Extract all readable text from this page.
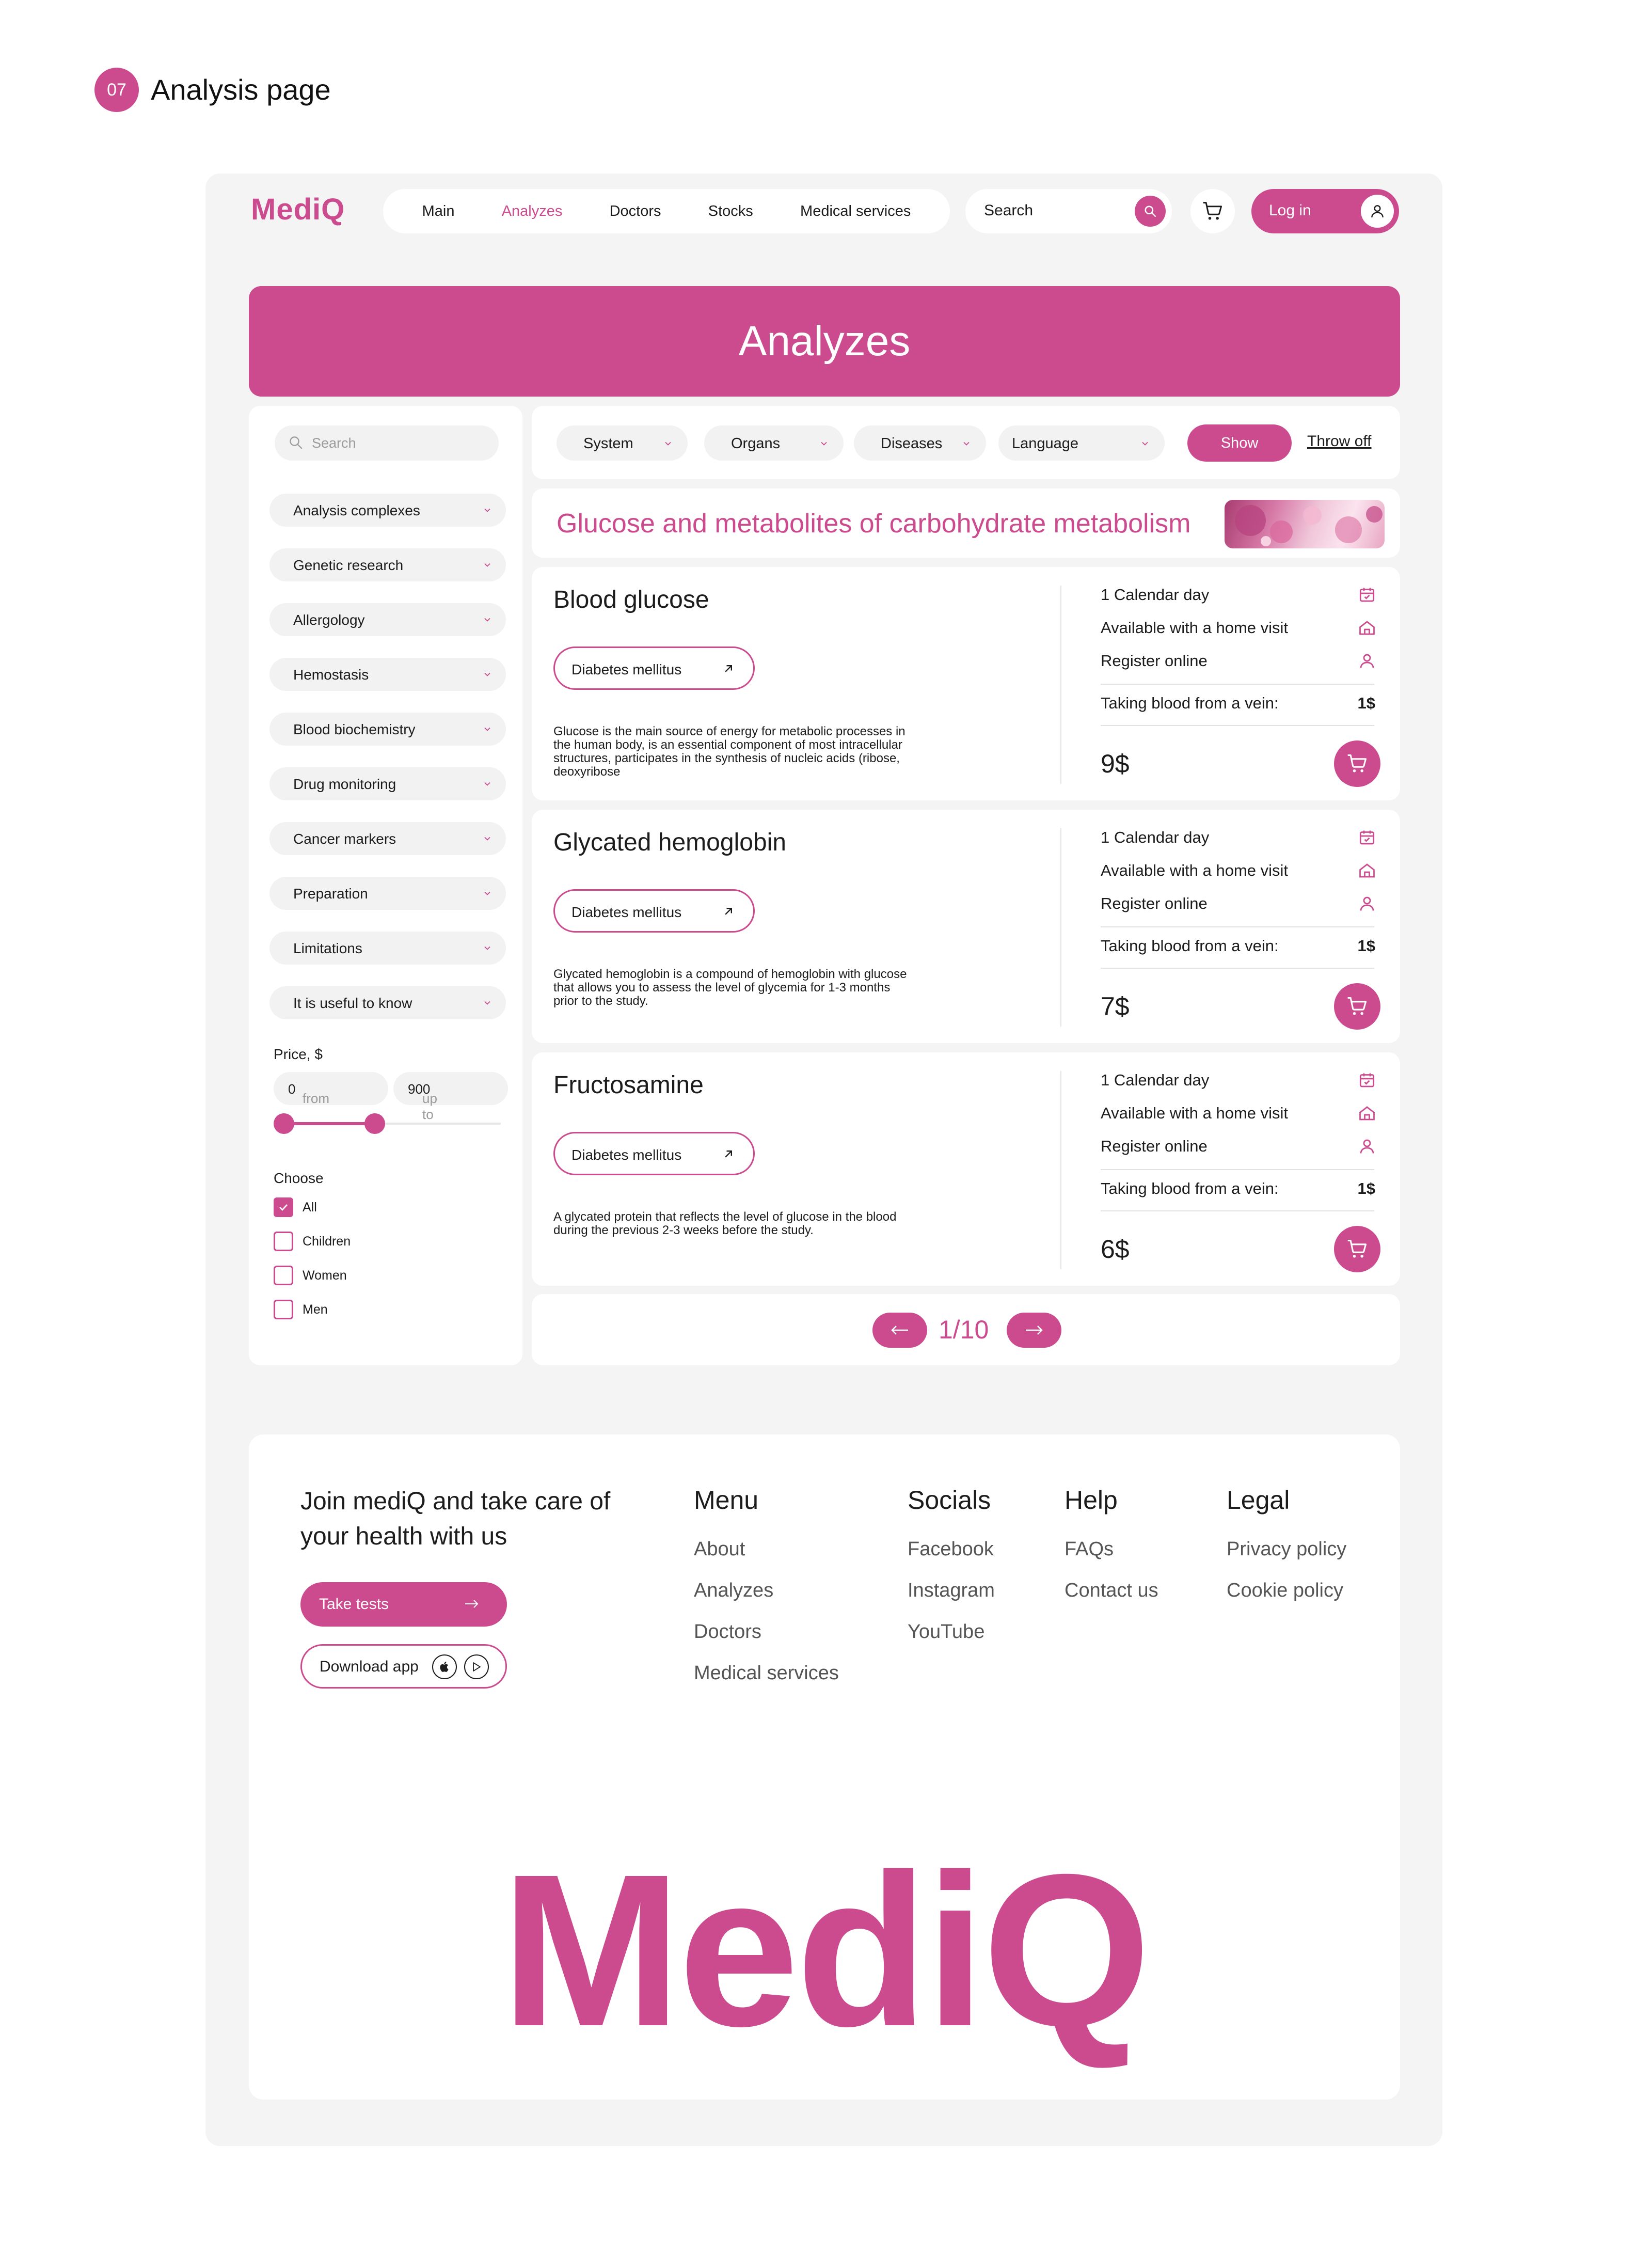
07 Analysis page
MediQ	Main	Analyzes	Doctors	Stocks	Medical services	Search	Log in
Analyzes
Search
Analysis complexes
Genetic research
Allergology
Hemostasis
Blood biochemistry
Drug monitoring
Cancer markers
Preparation
Limitations
It is useful to know
Price, $
from
0
up to
900
Choose
All
Children
Women
Men
System	Organs	Diseases	Language	Show	Throw off
Glucose and metabolites of carbohydrate metabolism
Blood glucose
Diabetes mellitus
Glucose is the main source of energy for metabolic processes in the human body, is an essential component of most intracellular structures, participates in the synthesis of nucleic acids (ribose, deoxyribose
1 Calendar day
Available with a home visit
Register online
Taking blood from a vein:	1$
9$
Glycated hemoglobin
Diabetes mellitus
Glycated hemoglobin is a compound of hemoglobin with glucose that allows you to assess the level of glycemia for 1-3 months prior to the study.
1 Calendar day
Available with a home visit
Register online
Taking blood from a vein:	1$
7$
Fructosamine
Diabetes mellitus
A glycated protein that reflects the level of glucose in the blood during the previous 2-3 weeks before the study.
1 Calendar day
Available with a home visit
Register online
Taking blood from a vein:	1$
6$
1/10
Join mediQ and take care of your health with us
Take tests
Download app
Menu
About
Analyzes
Doctors
Medical services
Socials
Facebook
Instagram
YouTube
Help
FAQs
Contact us
Legal
Privacy policy
Cookie policy
MediQ
